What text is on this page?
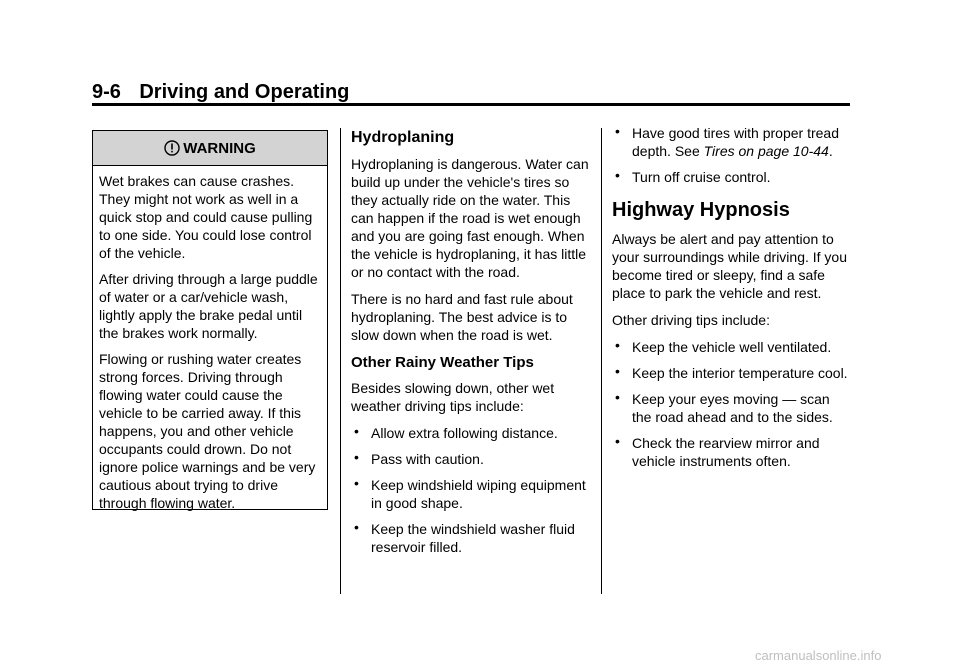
9-6 Driving and Operating
WARNING

Wet brakes can cause crashes. They might not work as well in a quick stop and could cause pulling to one side. You could lose control of the vehicle.

After driving through a large puddle of water or a car/vehicle wash, lightly apply the brake pedal until the brakes work normally.

Flowing or rushing water creates strong forces. Driving through flowing water could cause the vehicle to be carried away. If this happens, you and other vehicle occupants could drown. Do not ignore police warnings and be very cautious about trying to drive through flowing water.

Hydroplaning

Hydroplaning is dangerous. Water can build up under the vehicle's tires so they actually ride on the water. This can happen if the road is wet enough and you are going fast enough. When the vehicle is hydroplaning, it has little or no contact with the road.

There is no hard and fast rule about hydroplaning. The best advice is to slow down when the road is wet.

Other Rainy Weather Tips

Besides slowing down, other wet weather driving tips include:

• Allow extra following distance.
• Pass with caution.
• Keep windshield wiping equipment in good shape.
• Keep the windshield washer fluid reservoir filled.
• Have good tires with proper tread depth. See Tires on page 10-44.
• Turn off cruise control.
Highway Hypnosis

Always be alert and pay attention to your surroundings while driving. If you become tired or sleepy, find a safe place to park the vehicle and rest.

Other driving tips include:

• Keep the vehicle well ventilated.
• Keep the interior temperature cool.
• Keep your eyes moving — scan the road ahead and to the sides.
• Check the rearview mirror and vehicle instruments often.
carmanualsonline.info
